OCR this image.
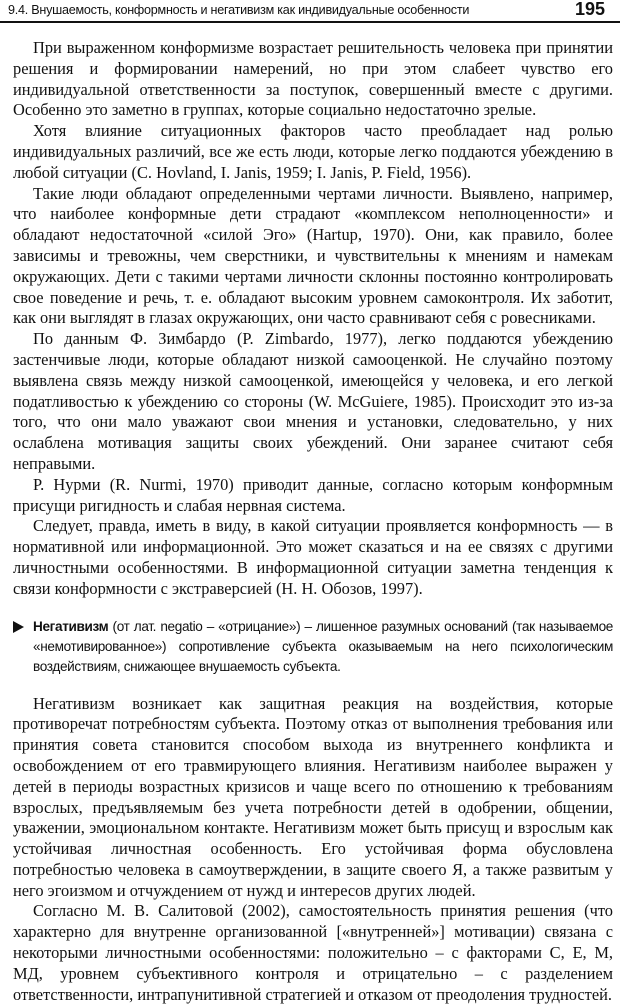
9.4. Внушаемость, конформность и негативизм как индивидуальные особенности	195

При выраженном конформизме возрастает решительность человека при принятии решения и формировании намерений, но при этом слабеет чувство его индивидуальной ответственности за поступок, совершенный вместе с другими. Особенно это заметно в группах, которые социально недостаточно зрелые.

Хотя влияние ситуационных факторов часто преобладает над ролью индивидуальных различий, все же есть люди, которые легко поддаются убеждению в любой ситуации (С. Hovland, I. Janis, 1959; I. Janis, P. Field, 1956).

Такие люди обладают определенными чертами личности. Выявлено, например, что наиболее конформные дети страдают «комплексом неполноценности» и обладают недостаточной «силой Эго» (Hartup, 1970). Они, как правило, более зависимы и тревожны, чем сверстники, и чувствительны к мнениям и намекам окружающих. Дети с такими чертами личности склонны постоянно контролировать свое поведение и речь, т. е. обладают высоким уровнем самоконтроля. Их заботит, как они выглядят в глазах окружающих, они часто сравнивают себя с ровесниками.

По данным Ф. Зимбардо (Р. Zimbardo, 1977), легко поддаются убеждению застенчивые люди, которые обладают низкой самооценкой. Не случайно поэтому выявлена связь между низкой самооценкой, имеющейся у человека, и его легкой податливостью к убеждению со стороны (W. McGuiere, 1985). Происходит это из-за того, что они мало уважают свои мнения и установки, следовательно, у них ослаблена мотивация защиты своих убеждений. Они заранее считают себя неправыми.

Р. Нурми (R. Nurmi, 1970) приводит данные, согласно которым конформным присущи ригидность и слабая нервная система.

Следует, правда, иметь в виду, в какой ситуации проявляется конформность — в нормативной или информационной. Это может сказаться и на ее связях с другими личностными особенностями. В информационной ситуации заметна тенденция к связи конформности с экстраверсией (Н. Н. Обозов, 1997).

Негативизм (от лат. negatio – «отрицание») – лишенное разумных оснований (так называемое «немотивированное») сопротивление субъекта оказываемым на него психологическим воздействиям, снижающее внушаемость субъекта.

Негативизм возникает как защитная реакция на воздействия, которые противоречат потребностям субъекта. Поэтому отказ от выполнения требования или принятия совета становится способом выхода из внутреннего конфликта и освобождением от его травмирующего влияния. Негативизм наиболее выражен у детей в периоды возрастных кризисов и чаще всего по отношению к требованиям взрослых, предъявляемым без учета потребности детей в одобрении, общении, уважении, эмоциональном контакте. Негативизм может быть присущ и взрослым как устойчивая личностная особенность. Его устойчивая форма обусловлена потребностью человека в самоутверждении, в защите своего Я, а также развитым у него эгоизмом и отчуждением от нужд и интересов других людей.

Согласно М. В. Салитовой (2002), самостоятельность принятия решения (что характерно для внутренне организованной [«внутренней»] мотивации) связана с некоторыми личностными особенностями: положительно – с факторами С, Е, М, МД, уровнем субъективного контроля и отрицательно – с разделением ответственности, интрапунитивной стратегией и отказом от преодоления трудностей.
